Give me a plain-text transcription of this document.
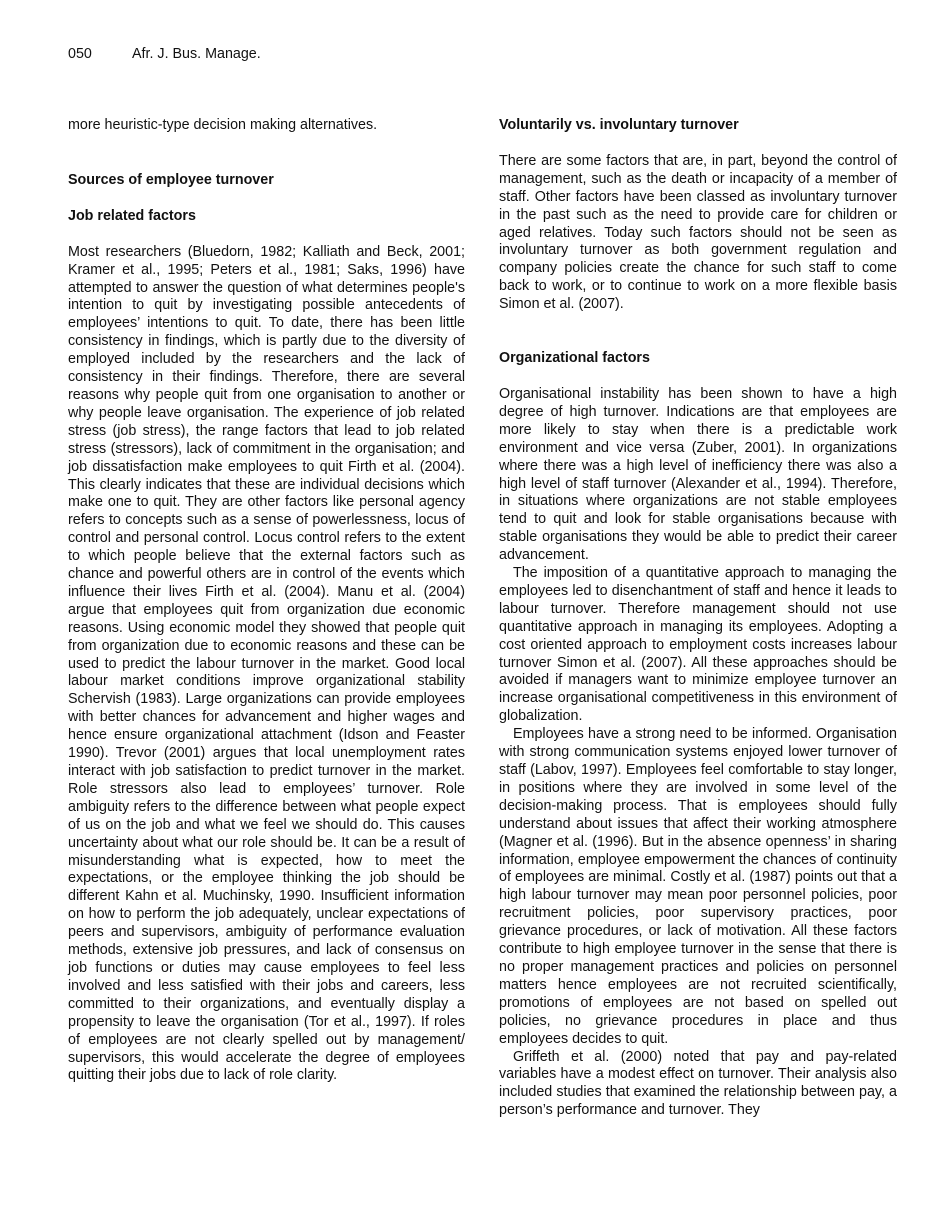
050	Afr. J. Bus. Manage.

more heuristic-type decision making alternatives.

Sources of employee turnover

Job related factors

Most researchers (Bluedorn, 1982; Kalliath and Beck, 2001; Kramer et al., 1995; Peters et al., 1981; Saks, 1996) have attempted to answer the question of what determines people's intention to quit by investigating possible antecedents of employees’ intentions to quit. To date, there has been little consistency in findings, which is partly due to the diversity of employed included by the researchers and the lack of consistency in their findings. Therefore, there are several reasons why people quit from one organisation to another or why people leave organisation. The experience of job related stress (job stress), the range factors that lead to job related stress (stressors), lack of commitment in the organisation; and job dissatisfaction make employees to quit Firth et al. (2004). This clearly indicates that these are individual decisions which make one to quit. They are other factors like personal agency refers to concepts such as a sense of powerlessness, locus of control and personal control. Locus control refers to the extent to which people believe that the external factors such as chance and powerful others are in control of the events which influence their lives Firth et al. (2004). Manu et al. (2004) argue that employees quit from organization due economic reasons. Using economic model they showed that people quit from organization due to economic reasons and these can be used to predict the labour turnover in the market. Good local labour market conditions improve organizational stability Schervish (1983). Large organizations can provide employees with better chances for advancement and higher wages and hence ensure organizational attachment (Idson and Feaster 1990). Trevor (2001) argues that local unemployment rates interact with job satisfaction to predict turnover in the market. Role stressors also lead to employees’ turnover. Role ambiguity refers to the difference between what people expect of us on the job and what we feel we should do. This causes uncertainty about what our role should be. It can be a result of misunderstanding what is expected, how to meet the expectations, or the employee thinking the job should be different Kahn et al. Muchinsky, 1990. Insufficient information on how to perform the job adequately, unclear expectations of peers and supervisors, ambiguity of performance evaluation methods, extensive job pressures, and lack of consensus on job functions or duties may cause employees to feel less involved and less satisfied with their jobs and careers, less committed to their organizations, and eventually display a propensity to leave the organisation (Tor et al., 1997). If roles of employees are not clearly spelled out by management/ supervisors, this would accelerate the degree of employees quitting their jobs due to lack of role clarity.

Voluntarily vs. involuntary turnover

There are some factors that are, in part, beyond the control of management, such as the death or incapacity of a member of staff. Other factors have been classed as involuntary turnover in the past such as the need to provide care for children or aged relatives. Today such factors should not be seen as involuntary turnover as both government regulation and company policies create the chance for such staff to come back to work, or to continue to work on a more flexible basis Simon et al. (2007).

Organizational factors

Organisational instability has been shown to have a high degree of high turnover. Indications are that employees are more likely to stay when there is a predictable work environment and vice versa (Zuber, 2001). In organizations where there was a high level of inefficiency there was also a high level of staff turnover (Alexander et al., 1994). Therefore, in situations where organizations are not stable employees tend to quit and look for stable organisations because with stable organisations they would be able to predict their career advancement.

The imposition of a quantitative approach to managing the employees led to disenchantment of staff and hence it leads to labour turnover. Therefore management should not use quantitative approach in managing its employees. Adopting a cost oriented approach to employment costs increases labour turnover Simon et al. (2007). All these approaches should be avoided if managers want to minimize employee turnover an increase organisational competitiveness in this environment of globalization.

Employees have a strong need to be informed. Organisation with strong communication systems enjoyed lower turnover of staff (Labov, 1997). Employees feel comfortable to stay longer, in positions where they are involved in some level of the decision-making process. That is employees should fully understand about issues that affect their working atmosphere (Magner et al. (1996). But in the absence openness’ in sharing information, employee empowerment the chances of continuity of employees are minimal. Costly et al. (1987) points out that a high labour turnover may mean poor personnel policies, poor recruitment policies, poor supervisory practices, poor grievance procedures, or lack of motivation. All these factors contribute to high employee turnover in the sense that there is no proper management practices and policies on personnel matters hence employees are not recruited scientifically, promotions of employees are not based on spelled out policies, no grievance procedures in place and thus employees decides to quit.

Griffeth et al. (2000) noted that pay and pay-related variables have a modest effect on turnover. Their analysis also included studies that examined the relationship between pay, a person’s performance and turnover. They
